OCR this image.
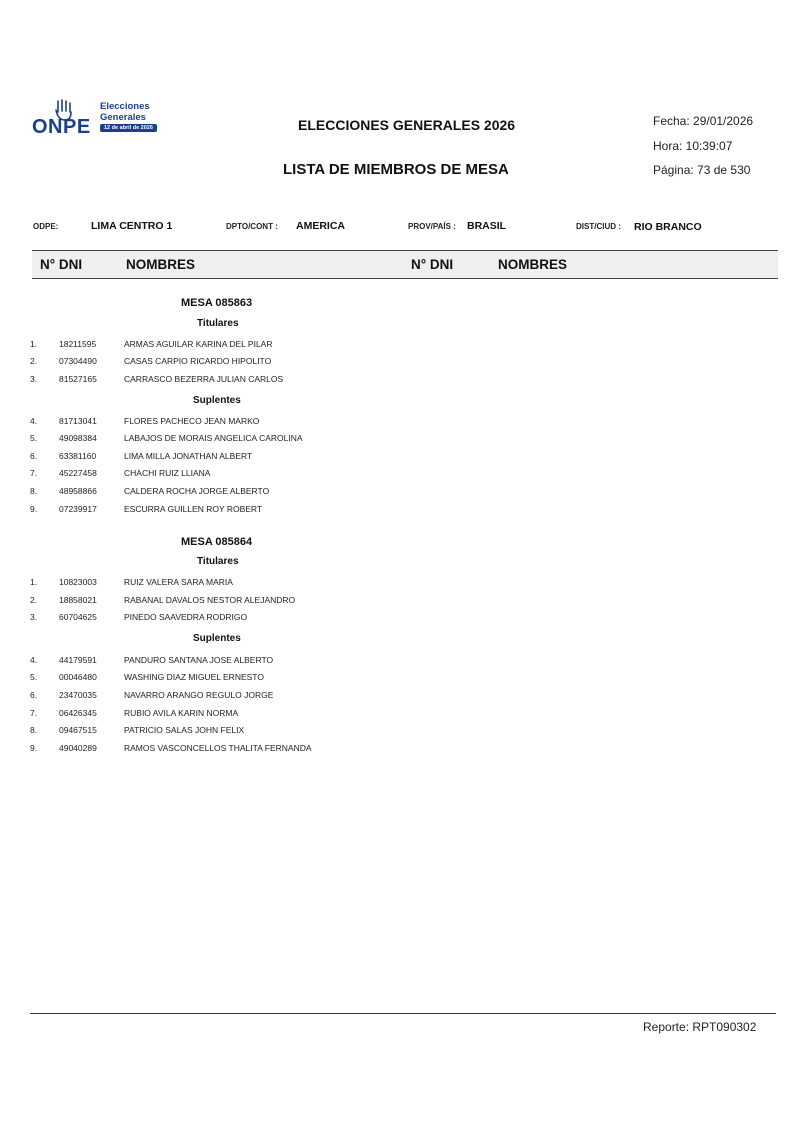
ONPE
Elecciones
Generales
12 de abril de 2026	ELECCIONES GENERALES 2026
LISTA DE MIEMBROS DE MESA
Fecha: 29/01/2026
Hora: 10:39:07
Página: 73 de 530
ODPE:	LIMA CENTRO 1	DPTO/CONT : AMERICA	PROV/PAÍS : BRASIL	DIST/CIUD : RIO BRANCO
N° DNI	NOMBRES	N° DNI	NOMBRES
MESA 085863
Titulares
1.	18211595	ARMAS AGUILAR KARINA DEL PILAR
2.	07304490	CASAS CARPIO RICARDO HIPOLITO
3.	81527165	CARRASCO BEZERRA JULIAN CARLOS
Suplentes
4.	81713041	FLORES PACHECO JEAN MARKO
5.	49098384	LABAJOS DE MORAIS ANGELICA CAROLINA
6.	63381160	LIMA MILLA JONATHAN ALBERT
7.	45227458	CHACHI RUIZ LLIANA
8.	48958866	CALDERA ROCHA JORGE ALBERTO
9.	07239917	ESCURRA GUILLEN ROY ROBERT
MESA 085864
Titulares
1.	10823003	RUIZ VALERA SARA MARIA
2.	18858021	RABANAL DAVALOS NESTOR ALEJANDRO
3.	60704625	PINEDO SAAVEDRA RODRIGO
Suplentes
4.	44179591	PANDURO SANTANA JOSE ALBERTO
5.	00046480	WASHING DIAZ MIGUEL ERNESTO
6.	23470035	NAVARRO ARANGO REGULO JORGE
7.	06426345	RUBIO AVILA KARIN NORMA
8.	09467515	PATRICIO SALAS JOHN FELIX
9.	49040289	RAMOS VASCONCELLOS THALITA FERNANDA
Reporte: RPT090302
